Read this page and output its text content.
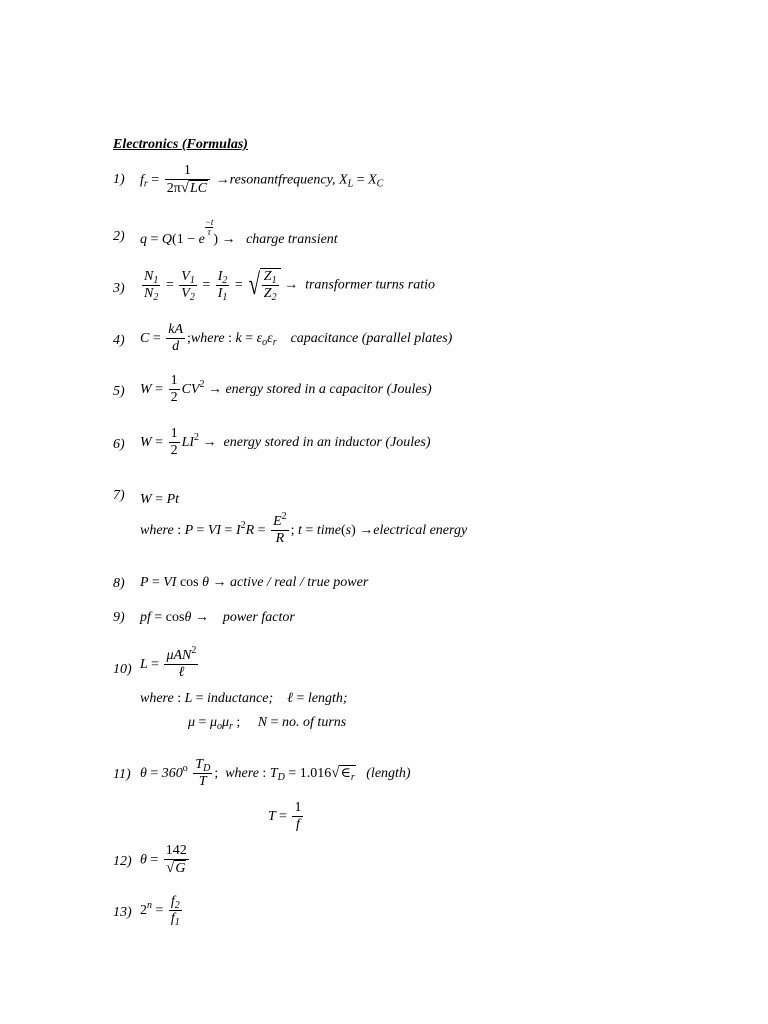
Electronics (Formulas)
1) $f_r = \frac{1}{2\pi√LC}$ →resonantfrequency, $X_L = X_C$
2) q = Q(1 − e
$\frac{-t}{\tau}$
) → charge transient
$3) \frac{N_1}{N_2} = \frac{V_1}{V_2} = \frac{I_2}{I_1}$ = √ $\frac{Z_1}{Z_2}$ → transformer turns ratio
4) $C = \frac{kA}{d}$ ;where : $k = \varepsilon_o\varepsilon_r$ capacitance (parallel plates)
5) $W = \frac{1}{2} CV^2$ → energy stored in a capacitor (Joules)
6) $W = \frac{1}{2} LI^2$ → energy stored in an inductor (Joules)
7) W = Pt
where : P = VI = $I^2R = \frac{E^2}{R}$ ; t = time(s) →electrical energy
8) P = VI cos θ → active / real / true power
9) pf = cosθ → power factor
10) $L = \frac{\mu AN^2}{\text{ℓ}}$
where : L = inductance;    ℓ = length;
$\mu = \mu_o\mu_r$ ;     N = no. of turns
11) $\theta = 360^o \frac{T_D}{T}$ ;  where : $T_D$ = $1.016√\in_r$ (length)
$T = \frac{1}{f}$
12) $\theta = \frac{142}{√G}$
13) $2^n = \frac{f_2}{f_1}$
